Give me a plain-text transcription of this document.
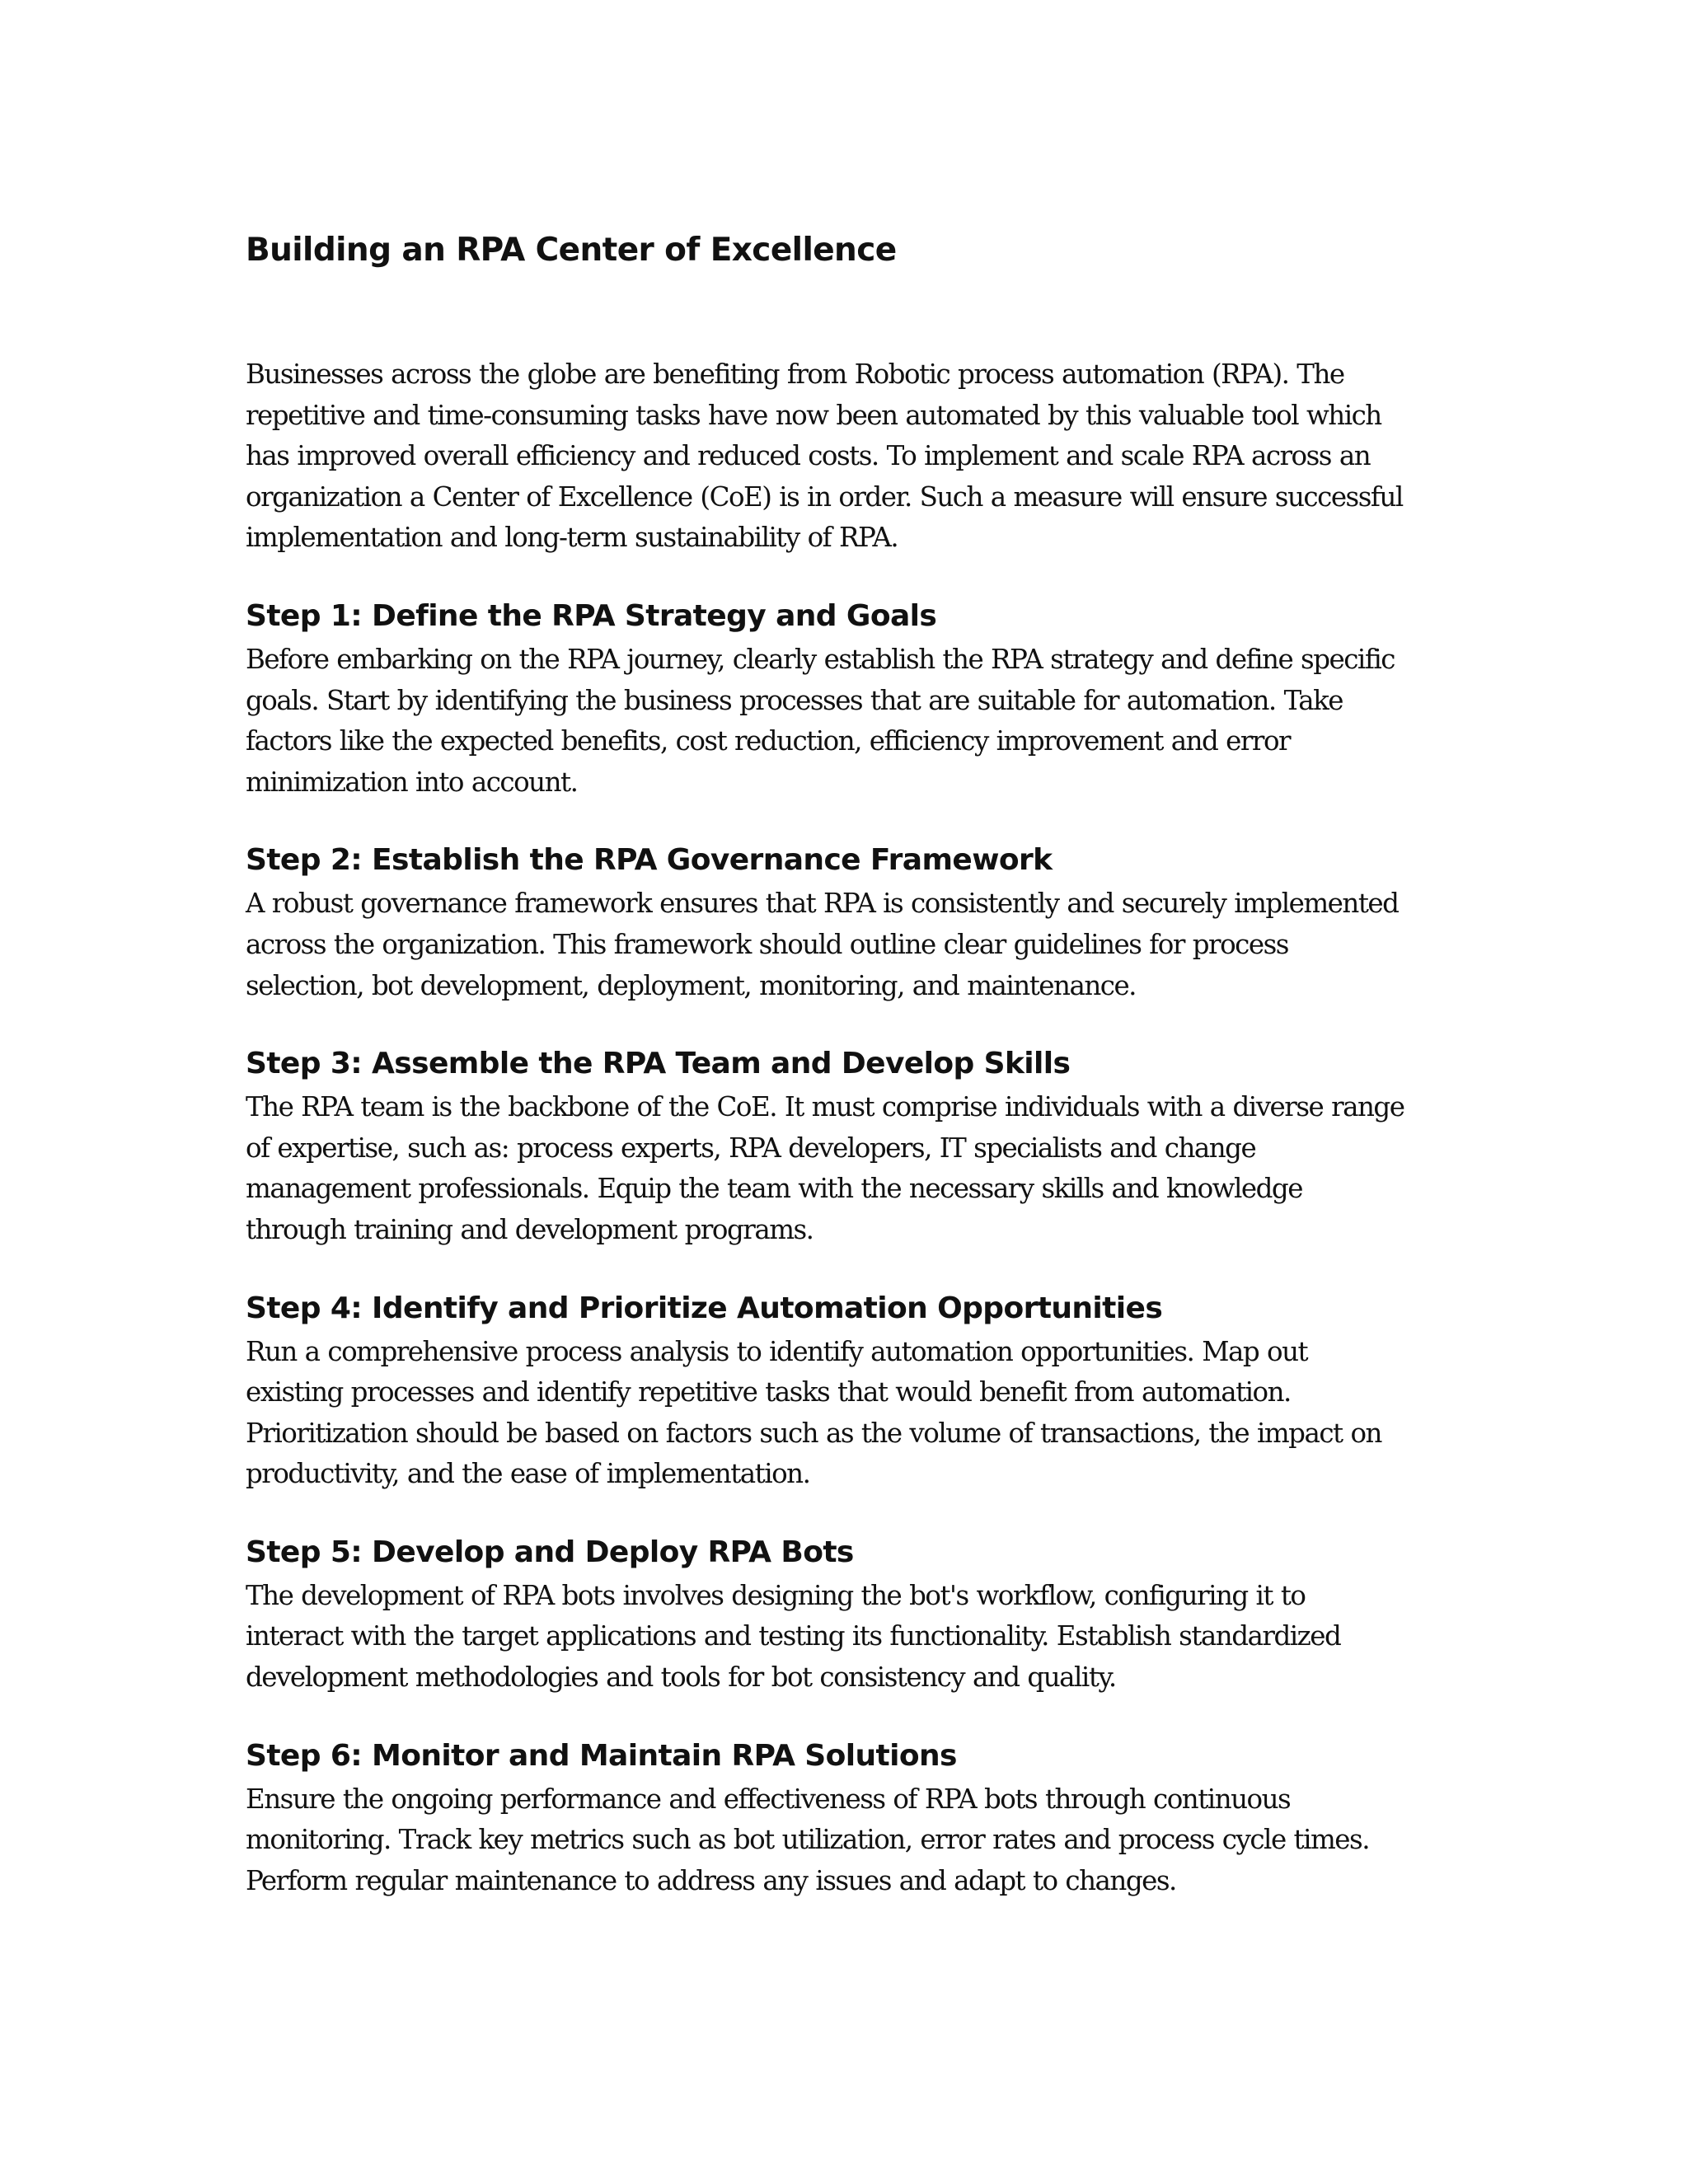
Building an RPA Center of Excellence

Businesses across the globe are benefiting from Robotic process automation (RPA). The
repetitive and time-consuming tasks have now been automated by this valuable tool which
has improved overall efficiency and reduced costs. To implement and scale RPA across an
organization a Center of Excellence (CoE) is in order. Such a measure will ensure successful
implementation and long-term sustainability of RPA.

Step 1: Define the RPA Strategy and Goals

Before embarking on the RPA journey, clearly establish the RPA strategy and define specific
goals. Start by identifying the business processes that are suitable for automation. Take
factors like the expected benefits, cost reduction, efficiency improvement and error
minimization into account.

Step 2: Establish the RPA Governance Framework

A robust governance framework ensures that RPA is consistently and securely implemented
across the organization. This framework should outline clear guidelines for process
selection, bot development, deployment, monitoring, and maintenance.

Step 3: Assemble the RPA Team and Develop Skills

The RPA team is the backbone of the CoE. It must comprise individuals with a diverse range
of expertise, such as: process experts, RPA developers, IT specialists and change
management professionals. Equip the team with the necessary skills and knowledge
through training and development programs.

Step 4: Identify and Prioritize Automation Opportunities

Run a comprehensive process analysis to identify automation opportunities. Map out
existing processes and identify repetitive tasks that would benefit from automation.
Prioritization should be based on factors such as the volume of transactions, the impact on
productivity, and the ease of implementation.

Step 5: Develop and Deploy RPA Bots

The development of RPA bots involves designing the bot's workflow, configuring it to
interact with the target applications and testing its functionality. Establish standardized
development methodologies and tools for bot consistency and quality.

Step 6: Monitor and Maintain RPA Solutions

Ensure the ongoing performance and effectiveness of RPA bots through continuous
monitoring. Track key metrics such as bot utilization, error rates and process cycle times.
Perform regular maintenance to address any issues and adapt to changes.
